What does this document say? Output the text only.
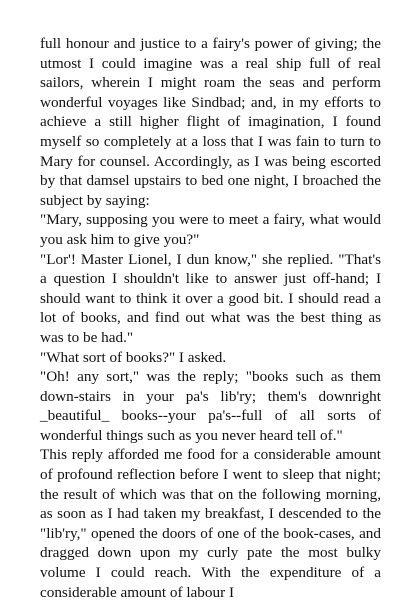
full honour and justice to a fairy's power of giving; the utmost I could imagine was a real ship full of real sailors, wherein I might roam the seas and perform wonderful voyages like Sindbad; and, in my efforts to achieve a still higher flight of imagination, I found myself so completely at a loss that I was fain to turn to Mary for counsel. Accordingly, as I was being escorted by that damsel upstairs to bed one night, I broached the subject by saying:

"Mary, supposing you were to meet a fairy, what would you ask him to give you?"

"Lor'! Master Lionel, I dun know," she replied. "That's a question I shouldn't like to answer just off-hand; I should want to think it over a good bit. I should read a lot of books, and find out what was the best thing as was to be had."

"What sort of books?" I asked.

"Oh! any sort," was the reply; "books such as them down-stairs in your pa's lib'ry; them's downright _beautiful_ books--your pa's--full of all sorts of wonderful things such as you never heard tell of."

This reply afforded me food for a considerable amount of profound reflection before I went to sleep that night; the result of which was that on the following morning, as soon as I had taken my breakfast, I descended to the "lib'ry," opened the doors of one of the book-cases, and dragged down upon my curly pate the most bulky volume I could reach. With the expenditure of a considerable amount of labour I
